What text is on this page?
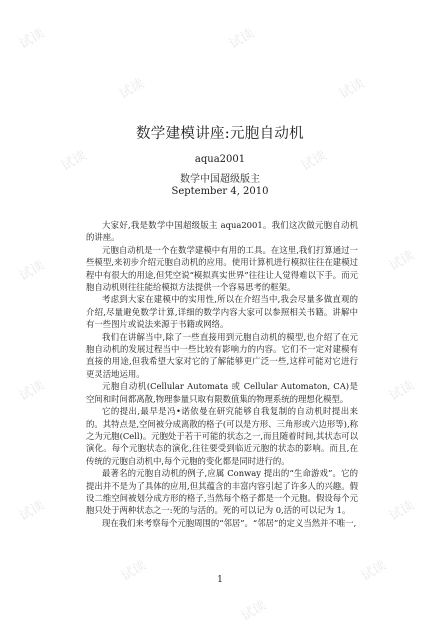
试读
试读
试读
试读
试读	试读
试读	试读
试读	试读
试读	试读
试读
试读
试读
数学建模讲座:元胞自动机
aqua2001
数学中国超级版主
September 4, 2010

大家好,我是数学中国超级版主 aqua2001。我们这次做元胞自动机的讲座。

元胞自动机是一个在数学建模中有用的工具。在这里,我们打算通过一些模型,来初步介绍元胞自动机的应用。使用计算机进行模拟往往在建模过程中有很大的用途,但凭空说“模拟真实世界”往往让人觉得难以下手。而元胞自动机则往往能给模拟方法提供一个容易思考的框架。

考虑到大家在建模中的实用性,所以在介绍当中,我会尽量多做直观的介绍,尽量避免数学计算,详细的数学内容大家可以参照相关书籍。讲解中有一些图片或说法来源于书籍或网络。

我们在讲解当中,除了一些直接用到元胞自动机的模型,也介绍了在元胞自动机的发展过程当中一些比较有影响力的内容。它们不一定对建模有直接的用途,但我希望大家对它的了解能够更广泛一些,这样可能对它进行更灵活地运用。

元胞自动机(Cellular Automata 或 Cellular Automaton, CA)是空间和时间都离散,物理参量只取有限数值集的物理系统的理想化模型。

它的提出,最早是冯•诺依曼在研究能够自我复制的自动机时提出来的。其特点是,空间被分成离散的格子(可以是方形、三角形或六边形等),称之为元胞(Cell)。元胞处于若干可能的状态之一,而且随着时间,其状态可以演化。每个元胞状态的演化,往往要受到临近元胞的状态的影响。而且,在传统的元胞自动机中,每个元胞的变化都是同时进行的。

最著名的元胞自动机的例子,应属 Conway 提出的“生命游戏”。它的提出并不是为了具体的应用,但其蕴含的丰富内容引起了许多人的兴趣。假设二维空间被划分成方形的格子,当然每个格子都是一个元胞。假设每个元胞只处于两种状态之一:死的与活的。死的可以记为 0,活的可以记为 1。

现在我们来考察每个元胞周围的“邻居”。“邻居”的定义当然并不唯一,

1
